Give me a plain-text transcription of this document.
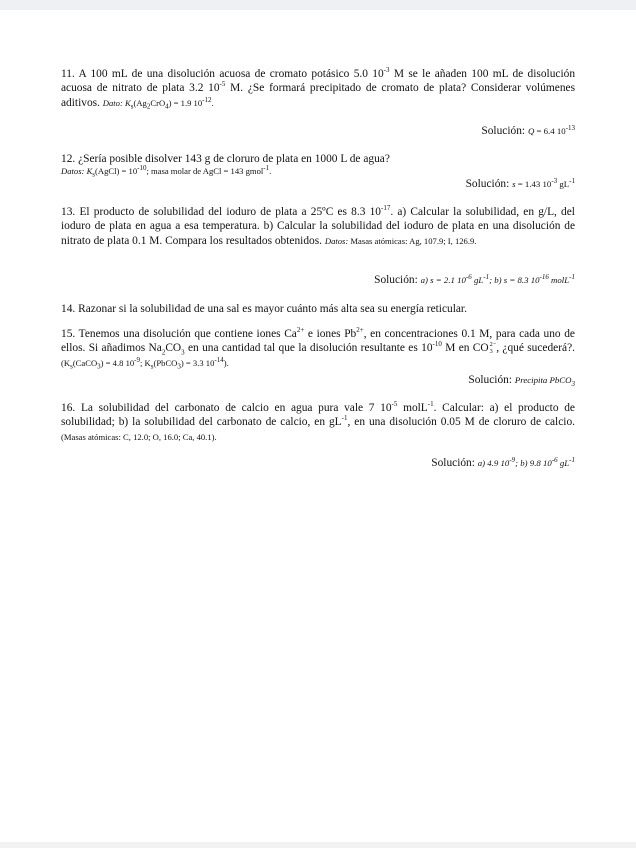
11. A 100 mL de una disolución acuosa de cromato potásico 5.0 $10^{-3}$ M se le añaden 100 mL de disolución acuosa de nitrato de plata 3.2 $10^{-5}$ M. ¿Se formará precipitado de cromato de plata? Considerar volúmenes aditivos. Dato: $K_s(Ag_2CrO_4) = 1.9$ $10^{-12}$.
Solución: Q = 6.4 $10^{-13}$
12. ¿Sería posible disolver 143 g de cloruro de plata en 1000 L de agua?
Datos: $K_s(AgCl) = 10^{-10}$; masa molar de AgCl = 143 gmol$^{-1}$.
Solución: s = 1.43 $10^{-3}$ $gL^{-1}$
13. El producto de solubilidad del ioduro de plata a 25ºC es 8.3 $10^{-17}$. a) Calcular la solubilidad, en g/L, del ioduro de plata en agua a esa temperatura. b) Calcular la solubilidad del ioduro de plata en una disolución de nitrato de plata 0.1 M. Compara los resultados obtenidos. Datos: Masas atómicas: Ag, 107.9; I, 126.9.
Solución: a) s = 2.1 $10^{-6}$ $gL^{-1}$; b) s = 8.3 $10^{-16}$ molL$^{-1}$
14. Razonar si la solubilidad de una sal es mayor cuánto más alta sea su energía reticular.
15. Tenemos una disolución que contiene iones $Ca^{2+}$ e iones $Pb^{2+}$, en concentraciones 0.1 M, para cada uno de ellos. Si añadimos $Na_2CO_3$ en una cantidad tal que la disolución resultante es $10^{-10}$ M en CO2−
3 , ¿qué sucederá?. ($K_s(CaCO_3) = 4.8$ $10^{-9}$; $K_s(PbCO_3) = 3.3$ $10^{-14}$).
Solución: Precipita PbCO$_3$
16. La solubilidad del carbonato de calcio en agua pura vale 7 $10^{-5}$ molL$^{-1}$. Calcular: a) el producto de solubilidad; b) la solubilidad del carbonato de calcio, en $gL^{-1}$, en una disolución 0.05 M de cloruro de calcio. (Masas atómicas: C, 12.0; O, 16.0; Ca, 40.1).
Solución: a) 4.9 $10^{-9}$; b) 9.8 $10^{-6}$ $gL^{-1}$
